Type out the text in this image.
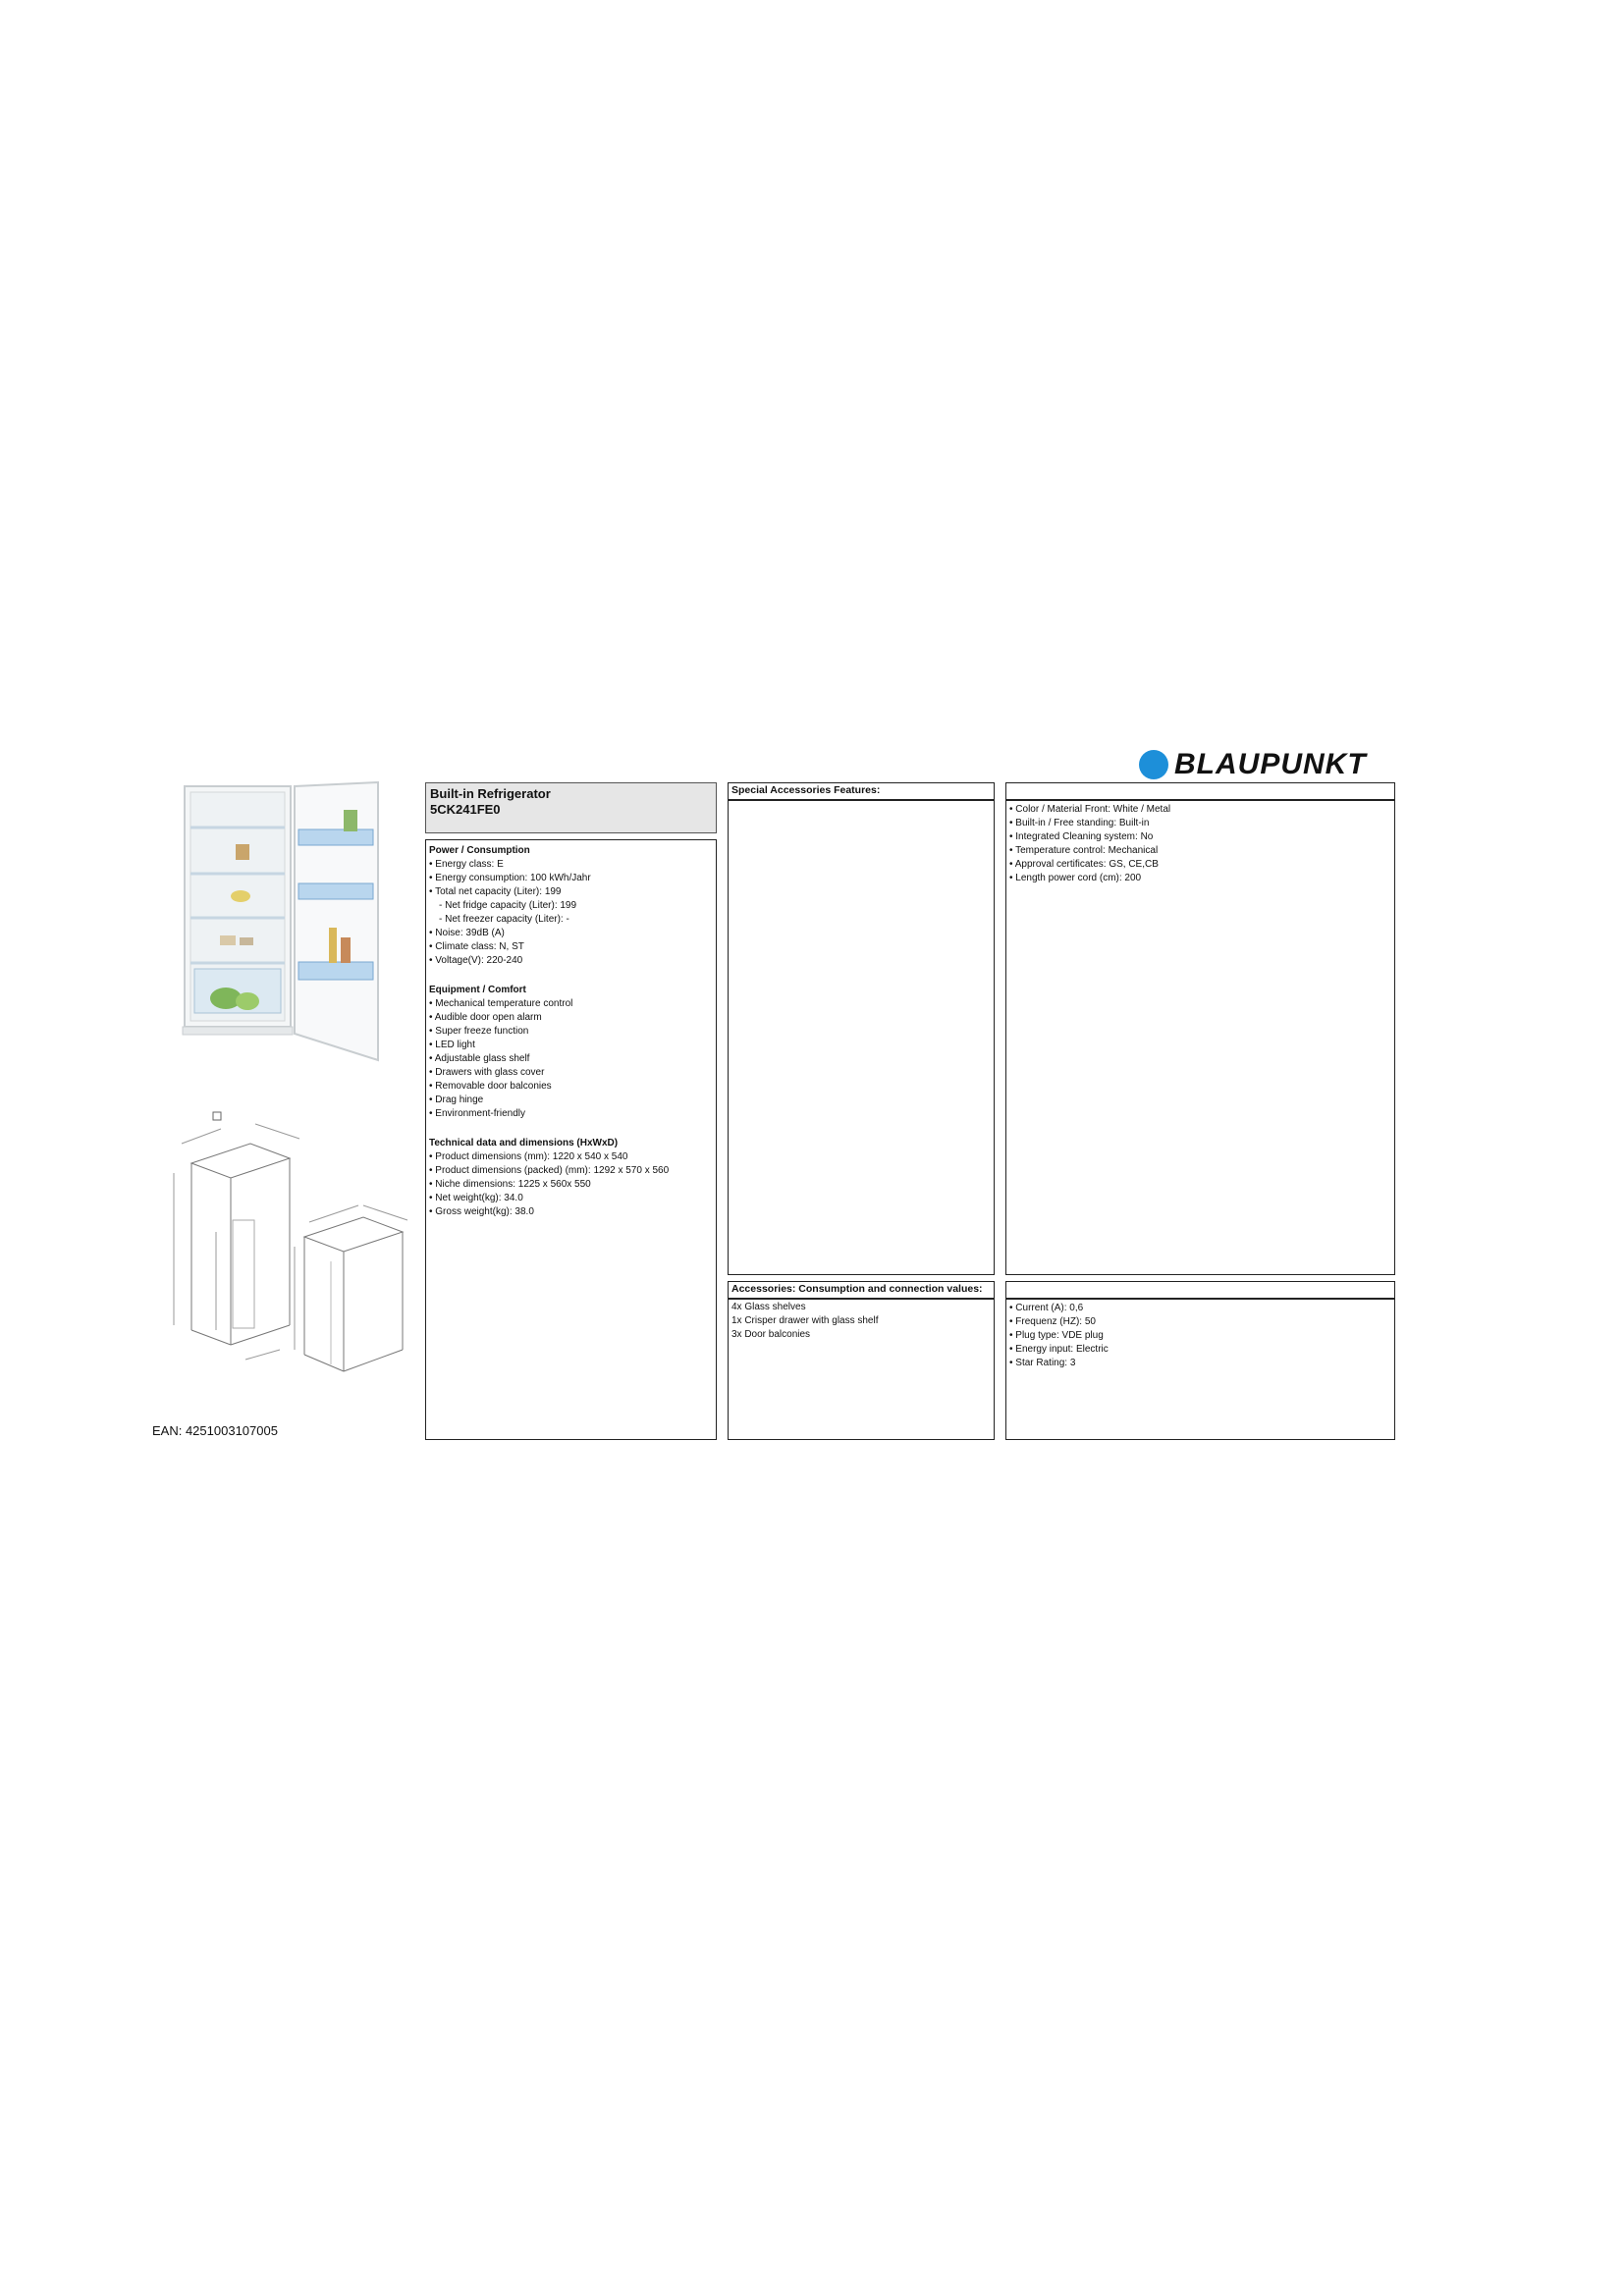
BLAUPUNKT
Built-in Refrigerator
5CK241FE0
Power / Consumption
• Energy class: E
• Energy consumption: 100 kWh/Jahr
• Total net capacity (Liter): 199
- Net fridge capacity (Liter): 199
- Net freezer capacity (Liter): -
• Noise: 39dB (A)
• Climate class: N, ST
• Voltage(V): 220-240
Equipment / Comfort
• Mechanical temperature control
• Audible door open alarm
• Super freeze function
• LED light
• Adjustable glass shelf
• Drawers with glass cover
• Removable door balconies
• Drag hinge
• Environment-friendly
Technical data and dimensions (HxWxD)
• Product dimensions (mm): 1220 x 540 x 540
• Product dimensions (packed) (mm): 1292 x 570 x 560
• Niche dimensions: 1225 x 560x 550
• Net weight(kg): 34.0
• Gross weight(kg): 38.0
Special Accessories Features:
• Color / Material Front: White / Metal
• Built-in / Free standing: Built-in
• Integrated Cleaning system: No
• Temperature control: Mechanical
• Approval certificates: GS, CE,CB
• Length power cord (cm): 200
Accessories: Consumption and connection values:
4x Glass shelves
1x Crisper drawer with glass shelf
3x Door balconies
• Current (A): 0,6
• Frequenz (HZ): 50
• Plug type: VDE plug
• Energy input: Electric
• Star Rating: 3
EAN: 4251003107005
